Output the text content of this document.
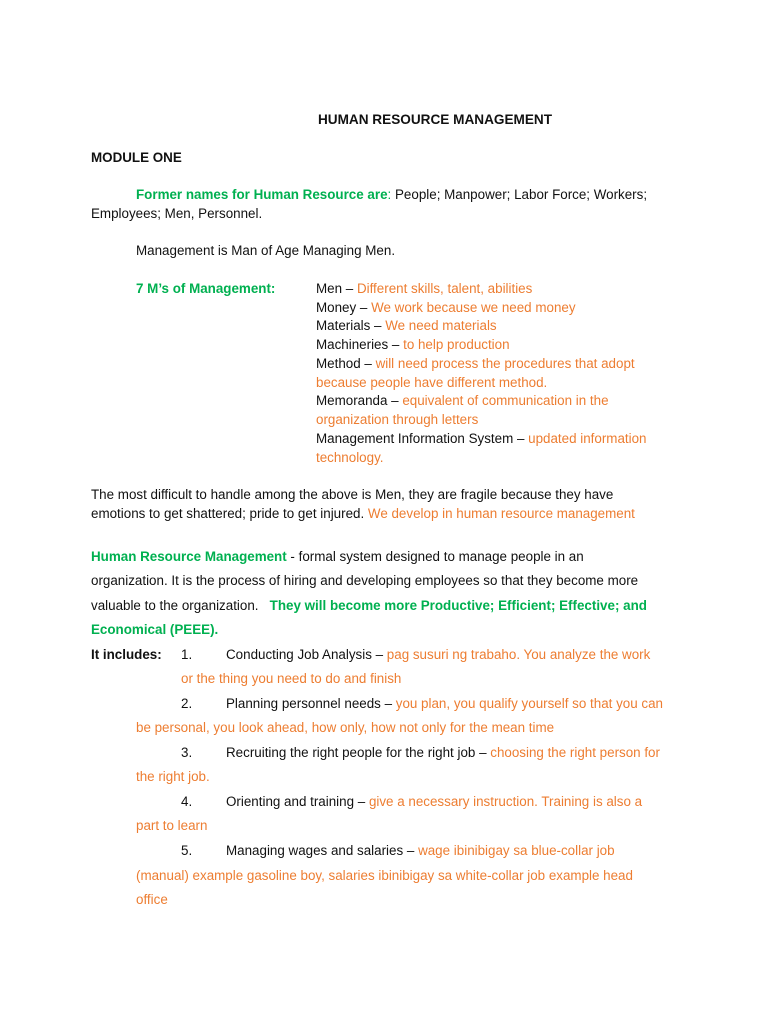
HUMAN RESOURCE MANAGEMENT
MODULE ONE
Former names for Human Resource are: People; Manpower; Labor Force; Workers;
Employees; Men, Personnel.
Management is Man of Age Managing Men.
7 M’s of Management:	Men – Different skills, talent, abilities
Money – We work because we need money
Materials – We need materials
Machineries – to help production
Method – will need process the procedures that adopt
because people have different method.
Memoranda – equivalent of communication in the
organization through letters
Management Information System – updated information
technology.
The most difficult to handle among the above is Men, they are fragile because they have
emotions to get shattered; pride to get injured. We develop in human resource management
Human Resource Management - formal system designed to manage people in an
organization. It is the process of hiring and developing employees so that they become more
valuable to the organization.   They will become more Productive; Efficient; Effective; and
Economical (PEEE).
It includes: 1.	Conducting Job Analysis – pag susuri ng trabaho. You analyze the work
or the thing you need to do and finish
2.	Planning personnel needs – you plan, you qualify yourself so that you can
be personal, you look ahead, how only, how not only for the mean time
3.	Recruiting the right people for the right job – choosing the right person for
the right job.
4.	Orienting and training – give a necessary instruction. Training is also a
part to learn
5.	Managing wages and salaries – wage ibinibigay sa blue-collar job
(manual) example gasoline boy, salaries ibinibigay sa white-collar job example head
office
